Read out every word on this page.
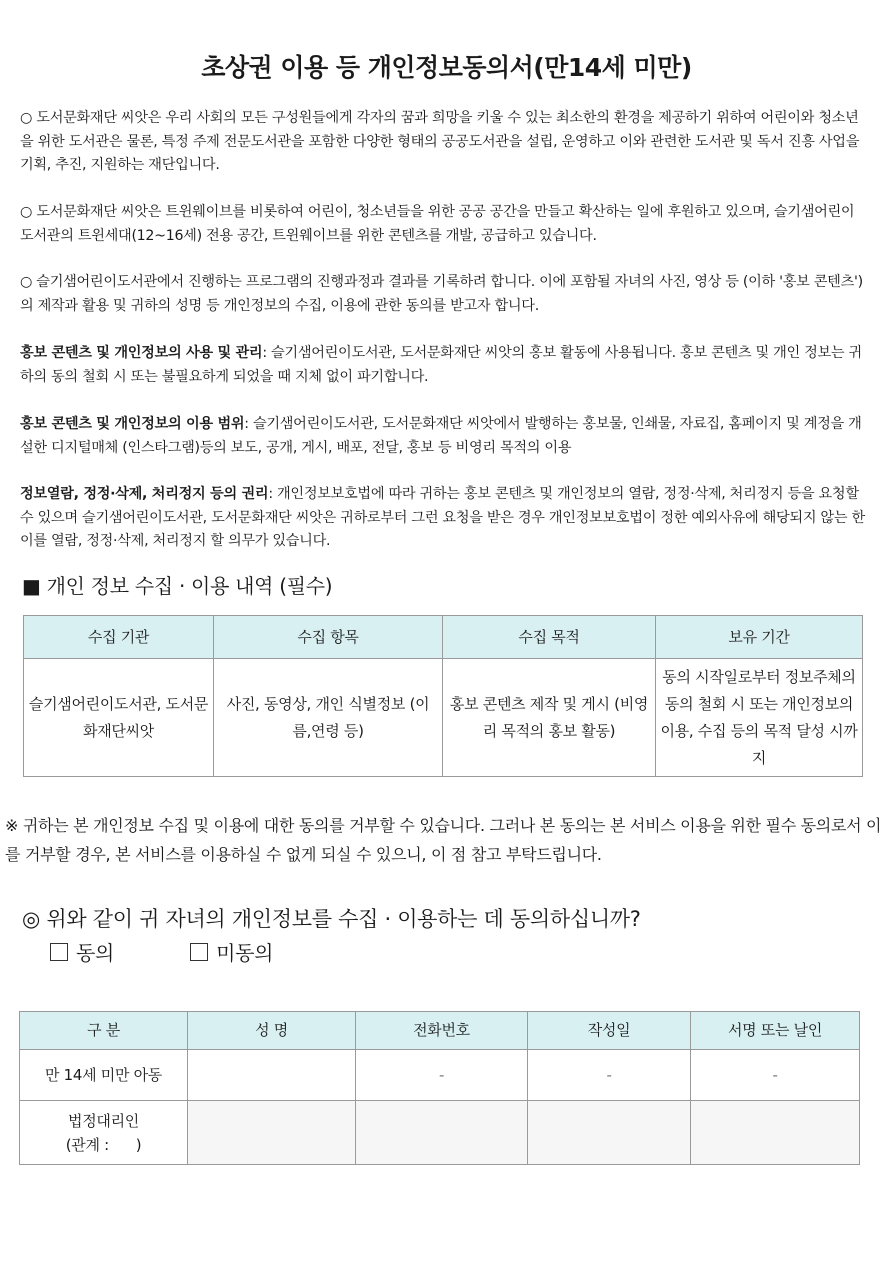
초상권 이용 등 개인정보동의서(만14세 미만)

○ 도서문화재단 씨앗은 우리 사회의 모든 구성원들에게 각자의 꿈과 희망을 키울 수 있는 최소한의 환경을 제공하기 위하여 어린이와 청소년을 위한 도서관은 물론, 특정 주제 전문도서관을 포함한 다양한 형태의 공공도서관을 설립, 운영하고 이와 관련한 도서관 및 독서 진흥 사업을 기획, 추진, 지원하는 재단입니다.

○ 도서문화재단 씨앗은 트윈웨이브를 비롯하여 어린이, 청소년들을 위한 공공 공간을 만들고 확산하는 일에 후원하고 있으며, 슬기샘어린이도서관의 트윈세대(12~16세) 전용 공간, 트윈웨이브를 위한 콘텐츠를 개발, 공급하고 있습니다.

○ 슬기샘어린이도서관에서 진행하는 프로그램의 진행과정과 결과를 기록하려 합니다. 이에 포함될 자녀의 사진, 영상 등 (이하 '홍보 콘텐츠')의 제작과 활용 및 귀하의 성명 등 개인정보의 수집, 이용에 관한 동의를 받고자 합니다.

홍보 콘텐츠 및 개인정보의 사용 및 관리: 슬기샘어린이도서관, 도서문화재단 씨앗의 홍보 활동에 사용됩니다. 홍보 콘텐츠 및 개인 정보는 귀하의 동의 철회 시 또는 불필요하게 되었을 때 지체 없이 파기합니다.

홍보 콘텐츠 및 개인정보의 이용 범위: 슬기샘어린이도서관, 도서문화재단 씨앗에서 발행하는 홍보물, 인쇄물, 자료집, 홈페이지 및 계정을 개설한 디지털매체 (인스타그램)등의 보도, 공개, 게시, 배포, 전달, 홍보 등 비영리 목적의 이용

정보열람, 정정·삭제, 처리정지 등의 권리: 개인정보보호법에 따라 귀하는 홍보 콘텐츠 및 개인정보의 열람, 정정·삭제, 처리정지 등을 요청할 수 있으며 슬기샘어린이도서관, 도서문화재단 씨앗은 귀하로부터 그런 요청을 받은 경우 개인정보보호법이 정한 예외사유에 해당되지 않는 한 이를 열람, 정정·삭제, 처리정지 할 의무가 있습니다.

■ 개인 정보 수집 · 이용 내역 (필수)
수집 기관	수집 항목	수집 목적	보유 기간
슬기샘어린이도서관, 도서문화재단씨앗	사진, 동영상, 개인 식별정보 (이름,연령 등)	홍보 콘텐츠 제작 및 게시 (비영리 목적의 홍보 활동)	동의 시작일로부터 정보주체의 동의 철회 시 또는 개인정보의 이용, 수집 등의 목적 달성 시까지
※ 귀하는 본 개인정보 수집 및 이용에 대한 동의를 거부할 수 있습니다. 그러나 본 동의는 본 서비스 이용을 위한 필수 동의로서 이를 거부할 경우, 본 서비스를 이용하실 수 없게 되실 수 있으니, 이 점 참고 부탁드립니다.
◎ 위와 같이 귀 자녀의 개인정보를 수집 · 이용하는 데 동의하십니까?
동의	미동의
구 분	성 명	전화번호	작성일	서명 또는 날인
만 14세 미만 아동		-	-	-

법정대리인
(관계 :      )				
